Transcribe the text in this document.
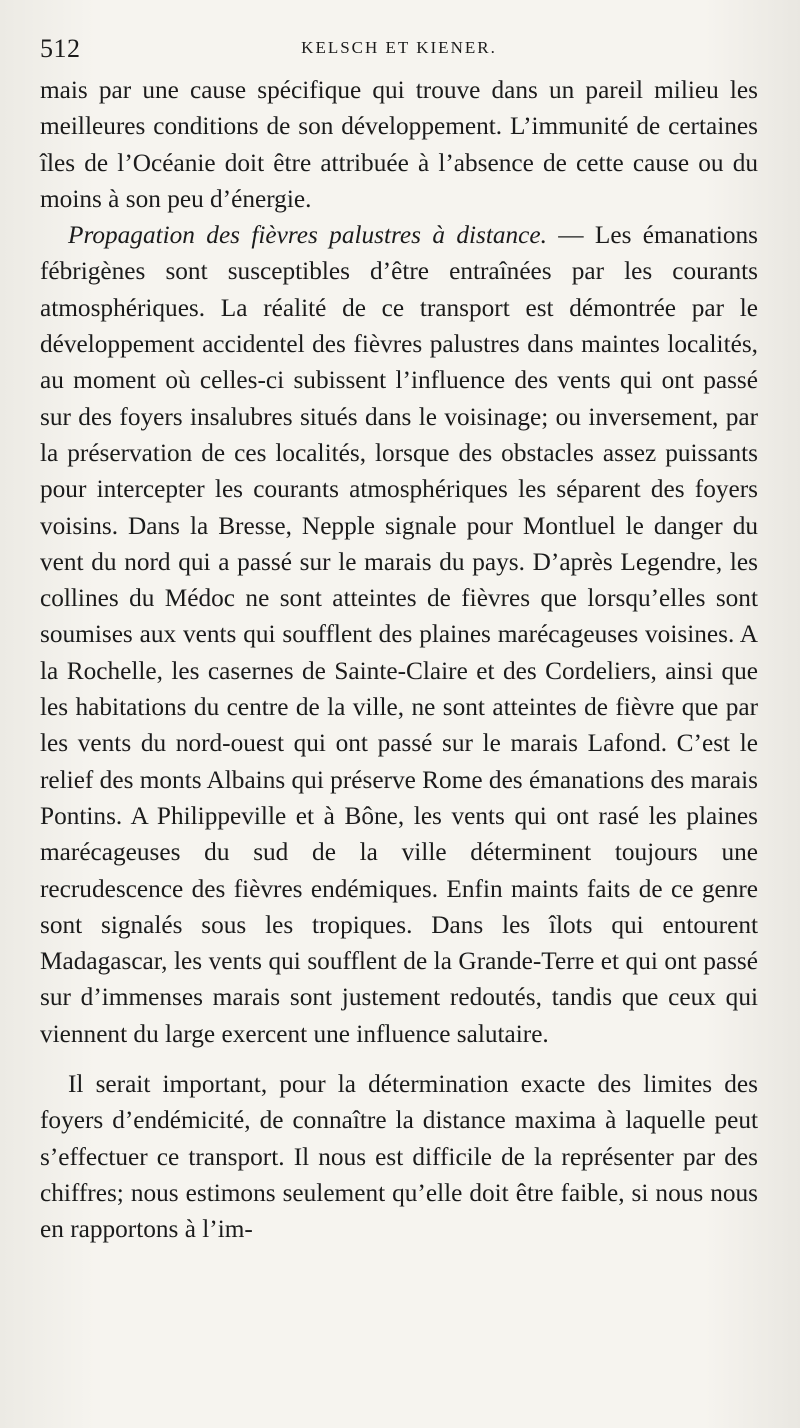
512	KELSCH ET KIENER.

mais par une cause spécifique qui trouve dans un pareil milieu les meilleures conditions de son développement. L’immunité de certaines îles de l’Océanie doit être attribuée à l’absence de cette cause ou du moins à son peu d’énergie.

Propagation des fièvres palustres à distance. — Les émanations fébrigènes sont susceptibles d’être entraînées par les courants atmosphériques. La réalité de ce transport est démontrée par le développement accidentel des fièvres palustres dans maintes localités, au moment où celles-ci subissent l’influence des vents qui ont passé sur des foyers insalubres situés dans le voisinage; ou inversement, par la préservation de ces localités, lorsque des obstacles assez puissants pour intercepter les courants atmosphériques les séparent des foyers voisins. Dans la Bresse, Nepple signale pour Montluel le danger du vent du nord qui a passé sur le marais du pays. D’après Legendre, les collines du Médoc ne sont atteintes de fièvres que lorsqu’elles sont soumises aux vents qui soufflent des plaines marécageuses voisines. A la Rochelle, les casernes de Sainte-Claire et des Cordeliers, ainsi que les habitations du centre de la ville, ne sont atteintes de fièvre que par les vents du nord-ouest qui ont passé sur le marais Lafond. C’est le relief des monts Albains qui préserve Rome des émanations des marais Pontins. A Philippeville et à Bône, les vents qui ont rasé les plaines marécageuses du sud de la ville déterminent toujours une recrudescence des fièvres endémiques. Enfin maints faits de ce genre sont signalés sous les tropiques. Dans les îlots qui entourent Madagascar, les vents qui soufflent de la Grande-Terre et qui ont passé sur d’immenses marais sont justement redoutés, tandis que ceux qui viennent du large exercent une influence salutaire.

Il serait important, pour la détermination exacte des limites des foyers d’endémicité, de connaître la distance maxima à laquelle peut s’effectuer ce transport. Il nous est difficile de la représenter par des chiffres; nous estimons seulement qu’elle doit être faible, si nous nous en rapportons à l’im-
